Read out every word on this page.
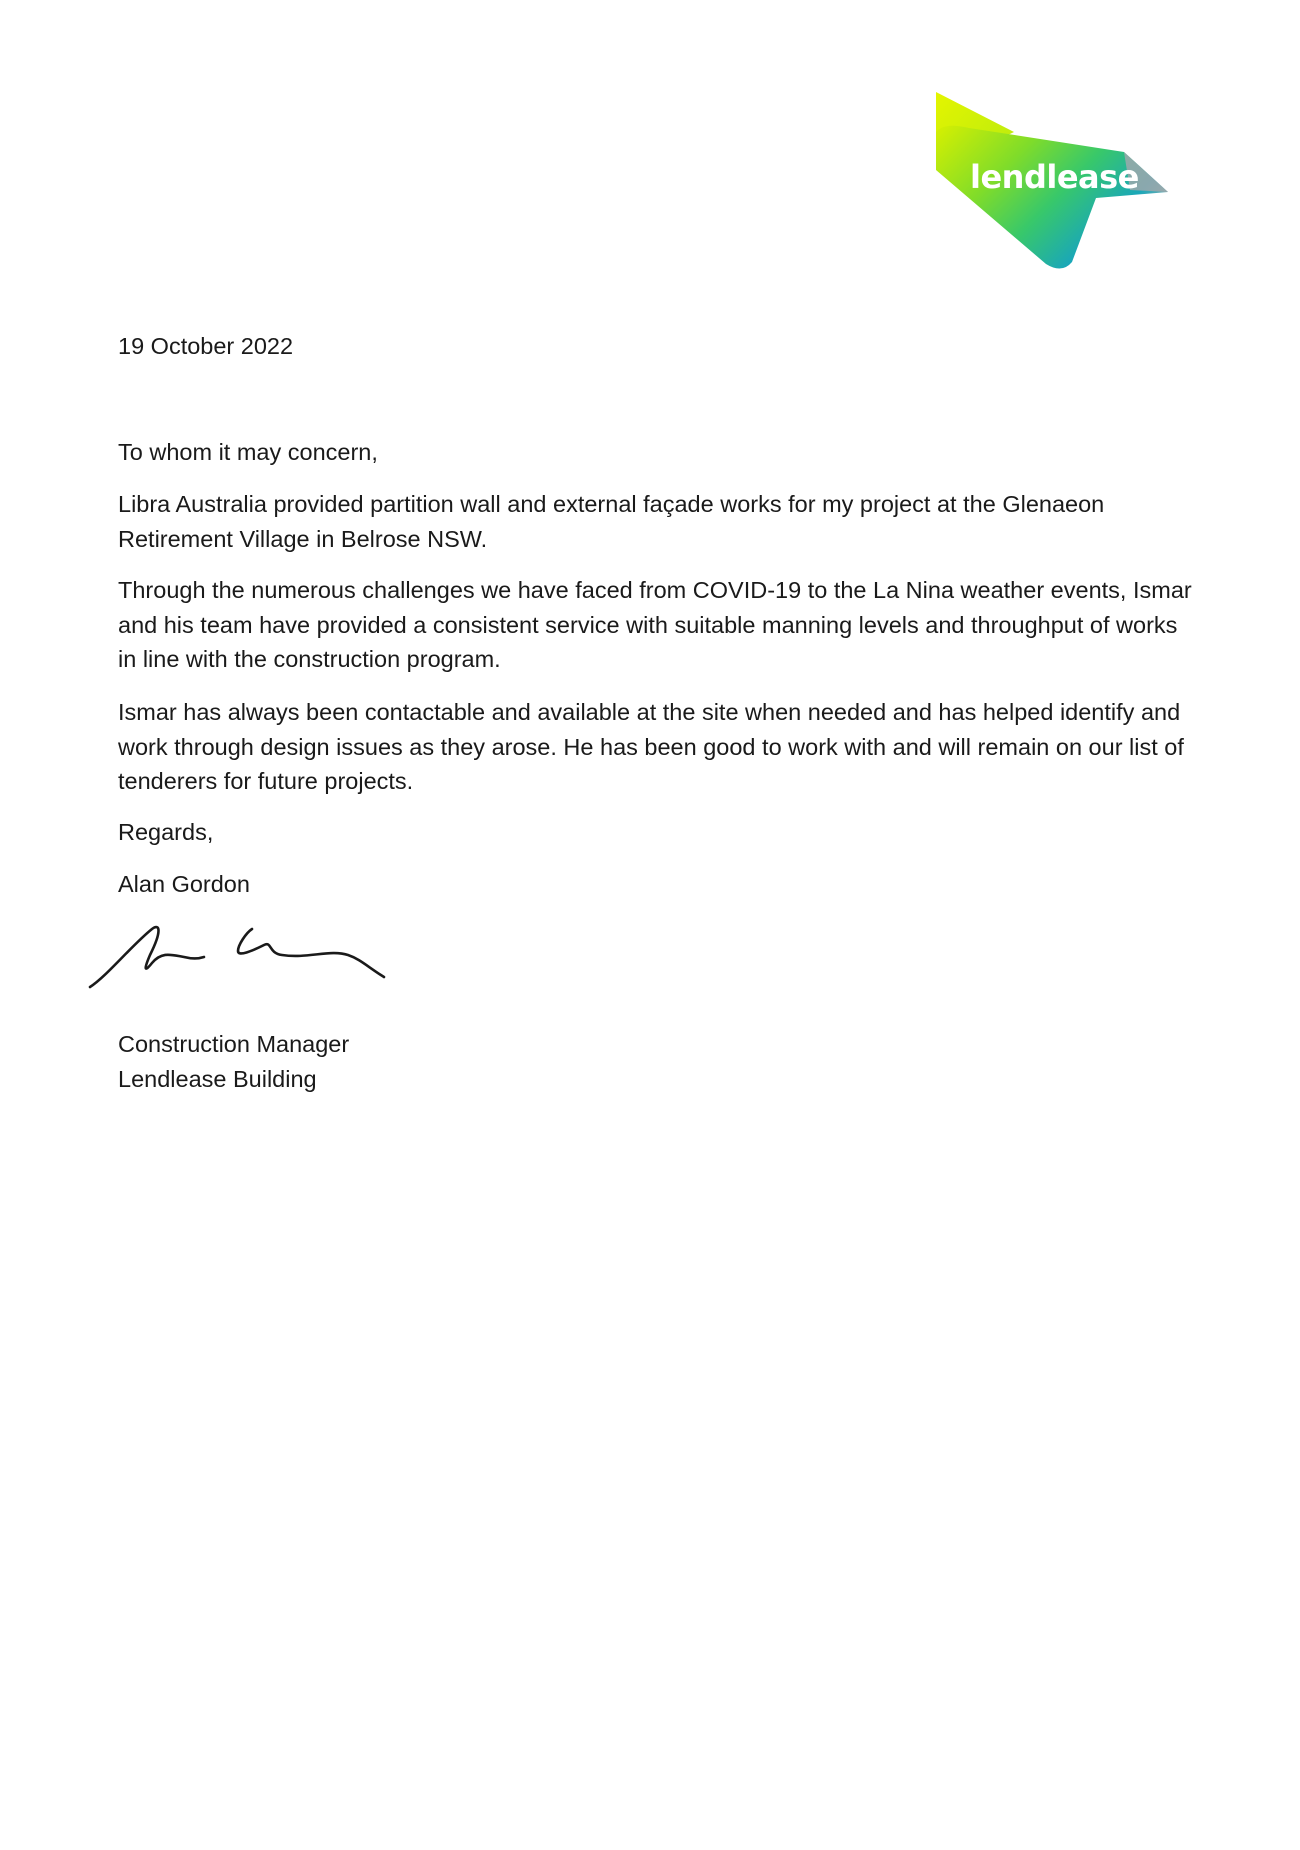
lendlease

19 October 2022

To whom it may concern,

Libra Australia provided partition wall and external façade works for my project at the Glenaeon Retirement Village in Belrose NSW.

Through the numerous challenges we have faced from COVID-19 to the La Nina weather events, Ismar and his team have provided a consistent service with suitable manning levels and throughput of works in line with the construction program.

Ismar has always been contactable and available at the site when needed and has helped identify and work through design issues as they arose. He has been good to work with and will remain on our list of tenderers for future projects.

Regards,

Alan Gordon

Construction Manager

Lendlease Building
